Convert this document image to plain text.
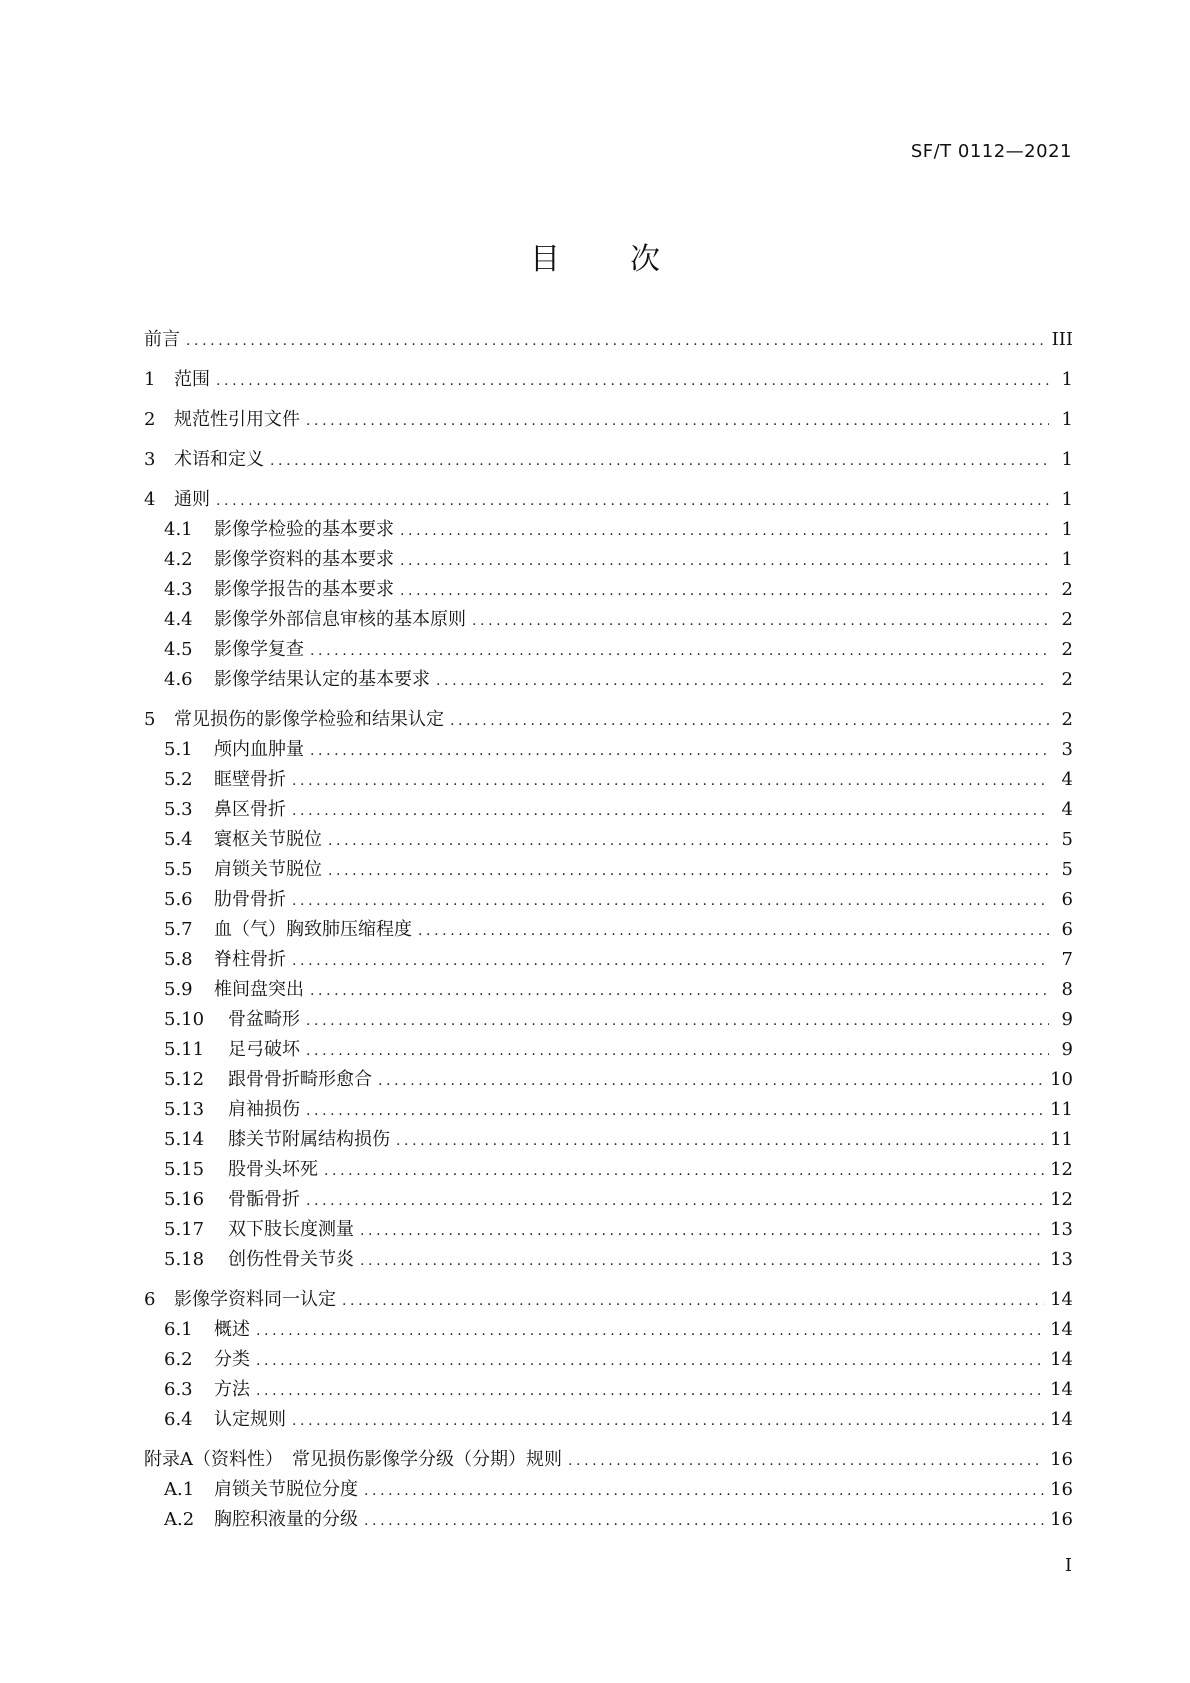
SF/T 0112—2021
目 次
前言 .....	III
1	范围 .....	1
2	规范性引用文件 .....	1
3	术语和定义 .....	1
4	通则 .....	1
4.1	影像学检验的基本要求 .....	1
4.2	影像学资料的基本要求 .....	1
4.3	影像学报告的基本要求 .....	2
4.4	影像学外部信息审核的基本原则 .....	2
4.5	影像学复查 .....	2
4.6	影像学结果认定的基本要求 .....	2
5	常见损伤的影像学检验和结果认定 .....	2
5.1	颅内血肿量 .....	3
5.2	眶壁骨折 .....	4
5.3	鼻区骨折 .....	4
5.4	寰枢关节脱位 .....	5
5.5	肩锁关节脱位 .....	5
5.6	肋骨骨折 .....	6
5.7	血（气）胸致肺压缩程度 .....	6
5.8	脊柱骨折 .....	7
5.9	椎间盘突出 .....	8
5.10	骨盆畸形 .....	9
5.11	足弓破坏 .....	9
5.12	跟骨骨折畸形愈合 .....	10
5.13	肩袖损伤 .....	11
5.14	膝关节附属结构损伤 .....	11
5.15	股骨头坏死 .....	12
5.16	骨骺骨折 .....	12
5.17	双下肢长度测量 .....	13
5.18	创伤性骨关节炎 .....	13
6	影像学资料同一认定 .....	14
6.1	概述 .....	14
6.2	分类 .....	14
6.3	方法 .....	14
6.4	认定规则 .....	14
附录A（资料性）　常见损伤影像学分级（分期）规则 .....	16
A.1	肩锁关节脱位分度 .....	16
A.2	胸腔积液量的分级 .....	16
I
